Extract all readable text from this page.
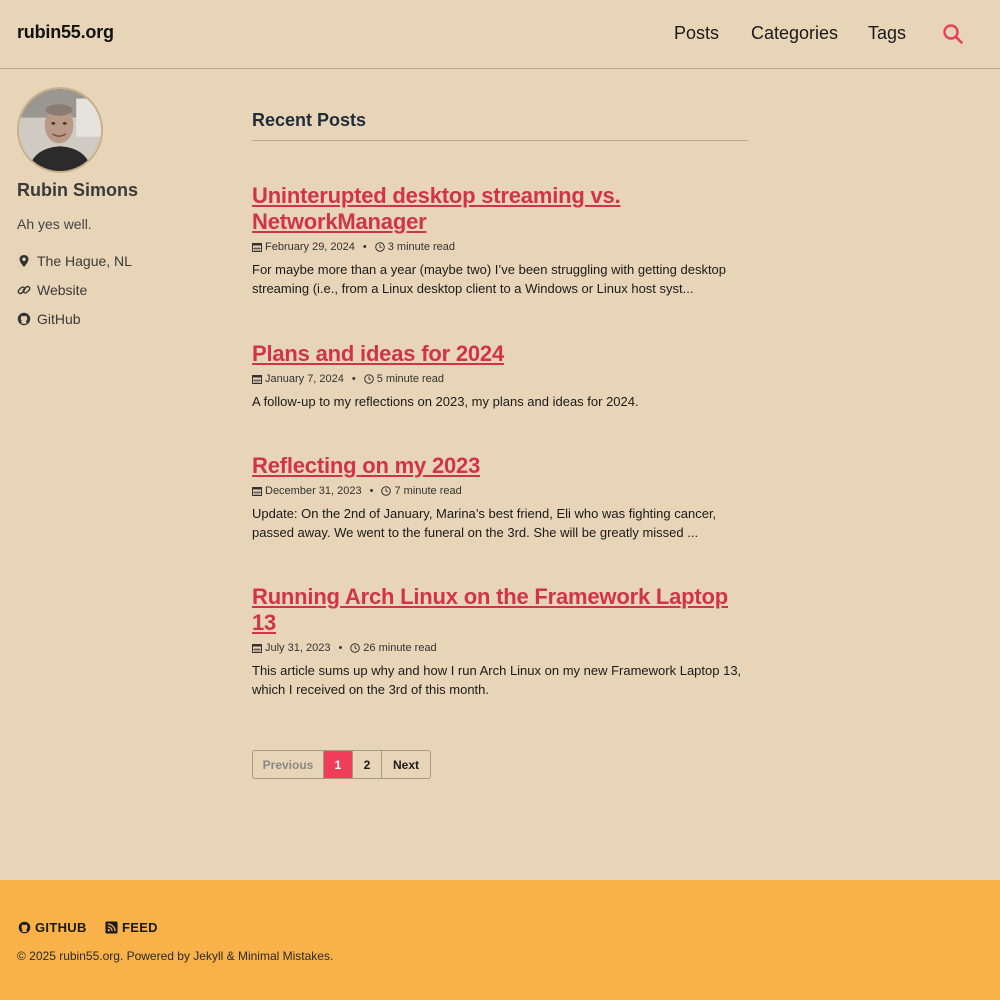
rubin55.org	Posts Categories Tags
Rubin Simons
Ah yes well.
The Hague, NL
Website
GitHub
Recent Posts
Uninterupted desktop streaming vs. NetworkManager
February 29, 2024 • 3 minute read

For maybe more than a year (maybe two) I’ve been struggling with getting desktop streaming (i.e., from a Linux desktop client to a Windows or Linux host syst...

Plans and ideas for 2024
January 7, 2024 • 5 minute read

A follow-up to my reflections on 2023, my plans and ideas for 2024.

Reflecting on my 2023
December 31, 2023 • 7 minute read

Update: On the 2nd of January, Marina’s best friend, Eli who was fighting cancer, passed away. We went to the funeral on the 3rd. She will be greatly missed ...

Running Arch Linux on the Framework Laptop 13
July 31, 2023 • 26 minute read

This article sums up why and how I run Arch Linux on my new Framework Laptop 13, which I received on the 3rd of this month.

Previous	1	2	Next
GITHUB	FEED
© 2025 rubin55.org. Powered by Jekyll & Minimal Mistakes.
